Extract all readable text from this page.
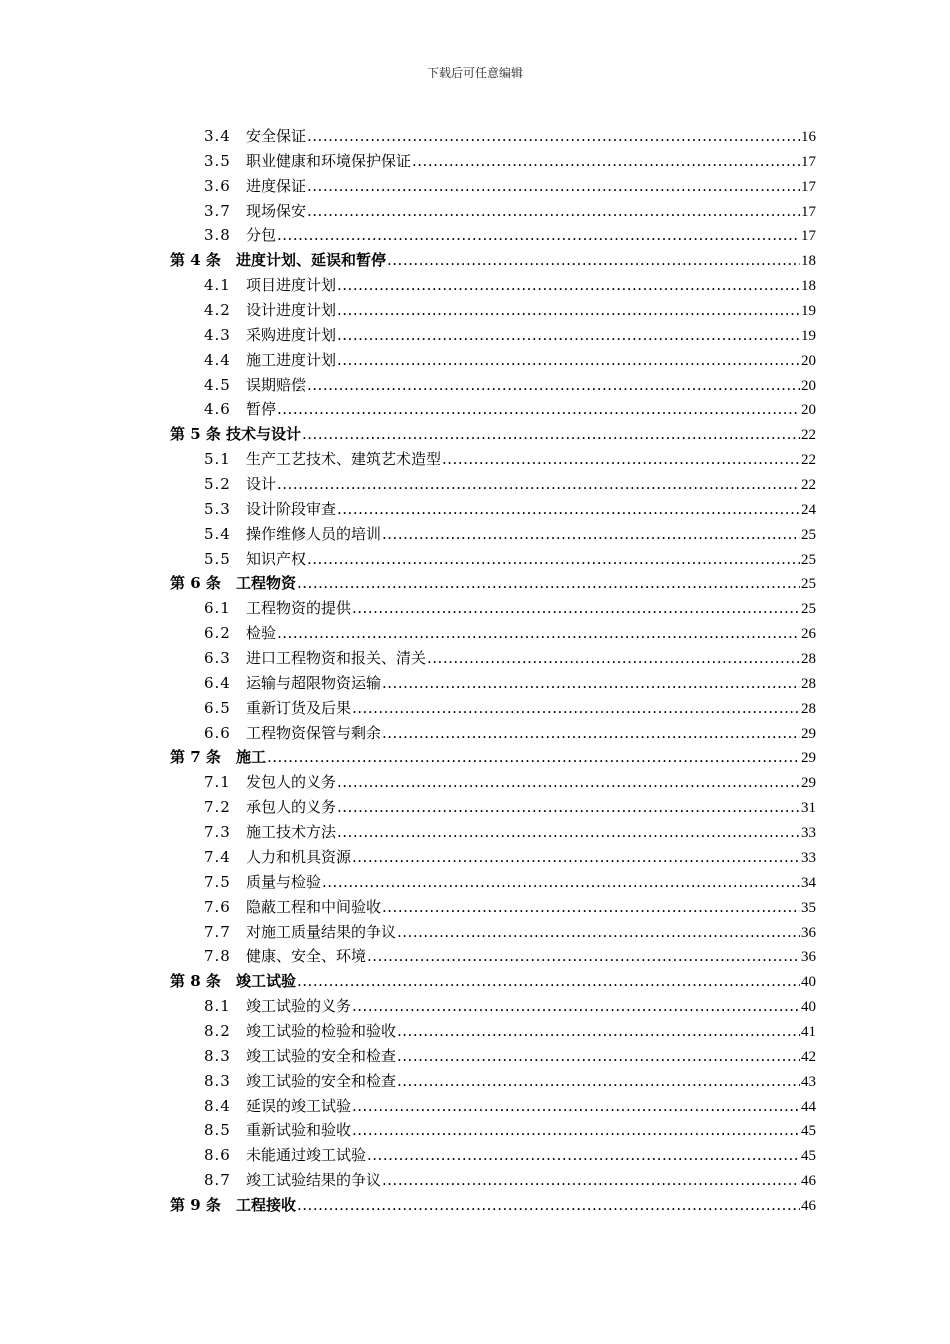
下载后可任意编辑
3.4	安全保证 .....	16
3.5	职业健康和环境保护保证 .....	17
3.6	进度保证 .....	17
3.7	现场保安 .....	17
3.8	分包 .....	17
第 4 条	进度计划、延误和暂停 .....	18
4.1	项目进度计划 .....	18
4.2	设计进度计划 .....	19
4.3	采购进度计划 .....	19
4.4	施工进度计划 .....	20
4.5	误期赔偿 .....	20
4.6	暂停 .....	20
第 5 条 技术与设计 .....	22
5.1	生产工艺技术、建筑艺术造型 .....	22
5.2	设计 .....	22
5.3	设计阶段审查 .....	24
5.4	操作维修人员的培训 .....	25
5.5	知识产权 .....	25
第 6 条	工程物资 .....	25
6.1	工程物资的提供 .....	25
6.2	检验 .....	26
6.3	进口工程物资和报关、清关 .....	28
6.4	运输与超限物资运输 .....	28
6.5	重新订货及后果 .....	28
6.6	工程物资保管与剩余 .....	29
第 7 条	施工 .....	29
7.1	发包人的义务 .....	29
7.2	承包人的义务 .....	31
7.3	施工技术方法 .....	33
7.4	人力和机具资源 .....	33
7.5	质量与检验 .....	34
7.6	隐蔽工程和中间验收 .....	35
7.7	对施工质量结果的争议 .....	36
7.8	健康、安全、环境 .....	36
第 8 条	竣工试验 .....	40
8.1	竣工试验的义务 .....	40
8.2	竣工试验的检验和验收 .....	41
8.3	竣工试验的安全和检查 .....	42
8.3	竣工试验的安全和检查 .....	43
8.4	延误的竣工试验 .....	44
8.5	重新试验和验收 .....	45
8.6	未能通过竣工试验 .....	45
8.7	竣工试验结果的争议 .....	46
第 9 条	工程接收 .....	46
